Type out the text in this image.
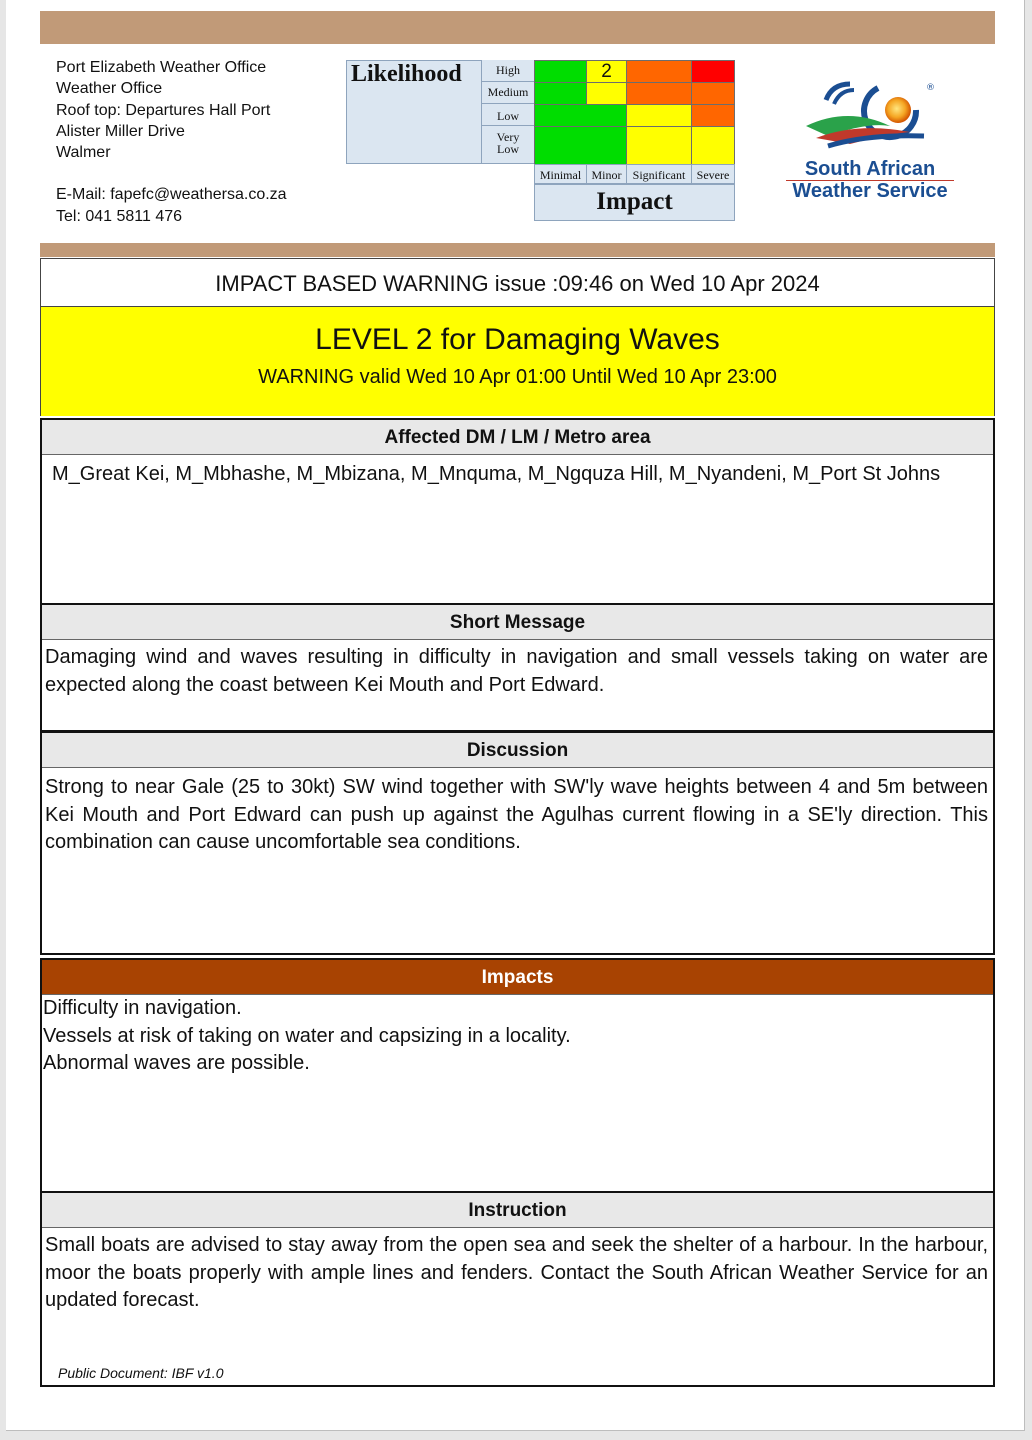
Port Elizabeth Weather Office
Weather Office
Roof top: Departures Hall Port
Alister Miller Drive
Walmer
E-Mail: fapefc@weathersa.co.za
Tel: 041 5811 476
Likelihood	High
Medium
Low
Very Low
2
Minimal Minor Significant Severe
Impact
®
South African
Weather Service
IMPACT BASED WARNING issue :09:46 on Wed 10 Apr 2024
LEVEL 2 for Damaging Waves
WARNING valid Wed 10 Apr 01:00 Until Wed 10 Apr 23:00
Affected DM / LM / Metro area
M_Great Kei, M_Mbhashe, M_Mbizana, M_Mnquma, M_Ngquza Hill, M_Nyandeni, M_Port St Johns
Short Message
Damaging wind and waves resulting in difficulty in navigation and small vessels taking on water are expected along the coast between Kei Mouth and Port Edward.
Discussion
Strong to near Gale (25 to 30kt) SW wind together with SW'ly wave heights between 4 and 5m between Kei Mouth and Port Edward can push up against the Agulhas current flowing in a SE'ly direction. This combination can cause uncomfortable sea conditions.
Impacts
Difficulty in navigation.
Vessels at risk of taking on water and capsizing in a locality.
Abnormal waves are possible.
Instruction
Small boats are advised to stay away from the open sea and seek the shelter of a harbour. In the harbour, moor the boats properly with ample lines and fenders. Contact the South African Weather Service for an updated forecast.
Public Document: IBF v1.0
